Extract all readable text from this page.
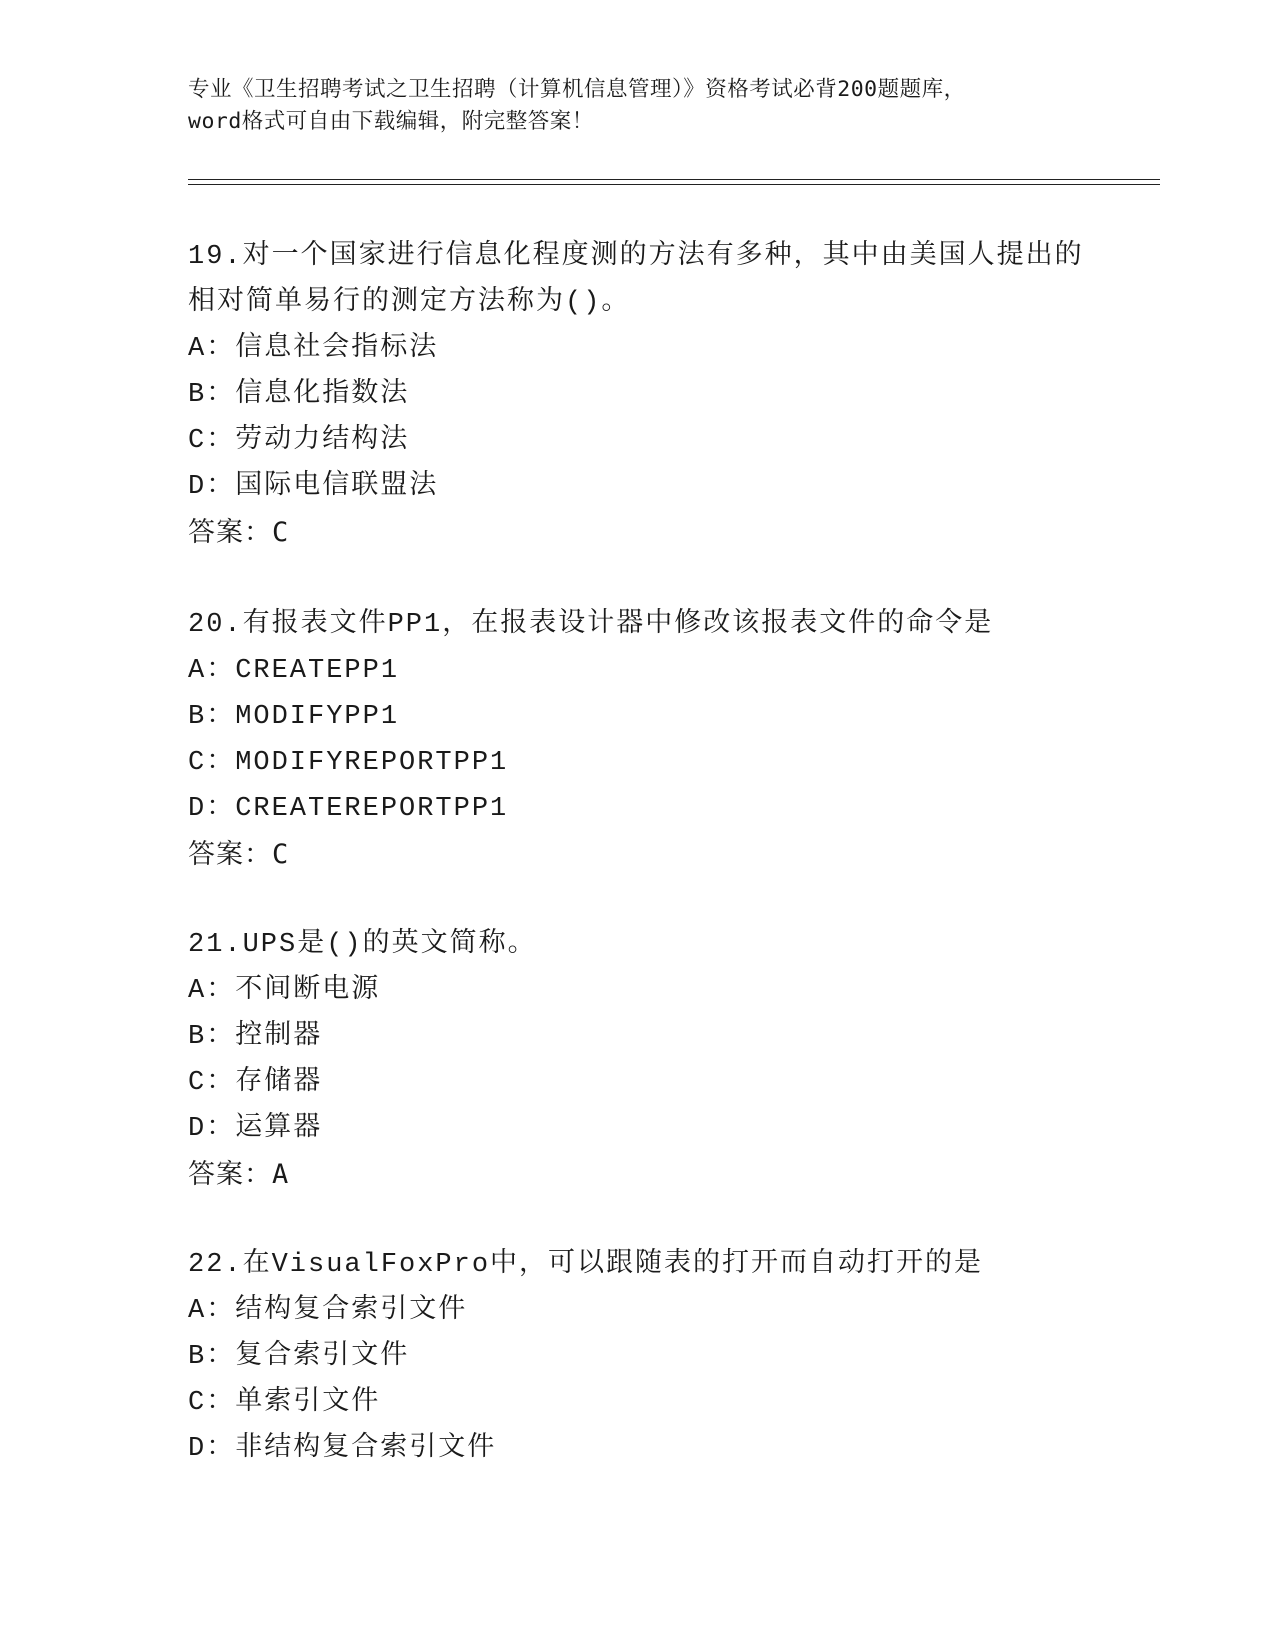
专业《卫生招聘考试之卫生招聘（计算机信息管理）》资格考试必背200题题库，
word格式可自由下载编辑，附完整答案！
19.对一个国家进行信息化程度测的方法有多种，其中由美国人提出的
相对简单易行的测定方法称为()。
A：信息社会指标法
B：信息化指数法
C：劳动力结构法
D：国际电信联盟法
答案：C
20.有报表文件PP1，在报表设计器中修改该报表文件的命令是
A：CREATEPP1
B：MODIFYPP1
C：MODIFYREPORTPP1
D：CREATEREPORTPP1
答案：C
21.UPS是()的英文简称。
A：不间断电源
B：控制器
C：存储器
D：运算器
答案：A
22.在VisualFoxPro中，可以跟随表的打开而自动打开的是
A：结构复合索引文件
B：复合索引文件
C：单索引文件
D：非结构复合索引文件
